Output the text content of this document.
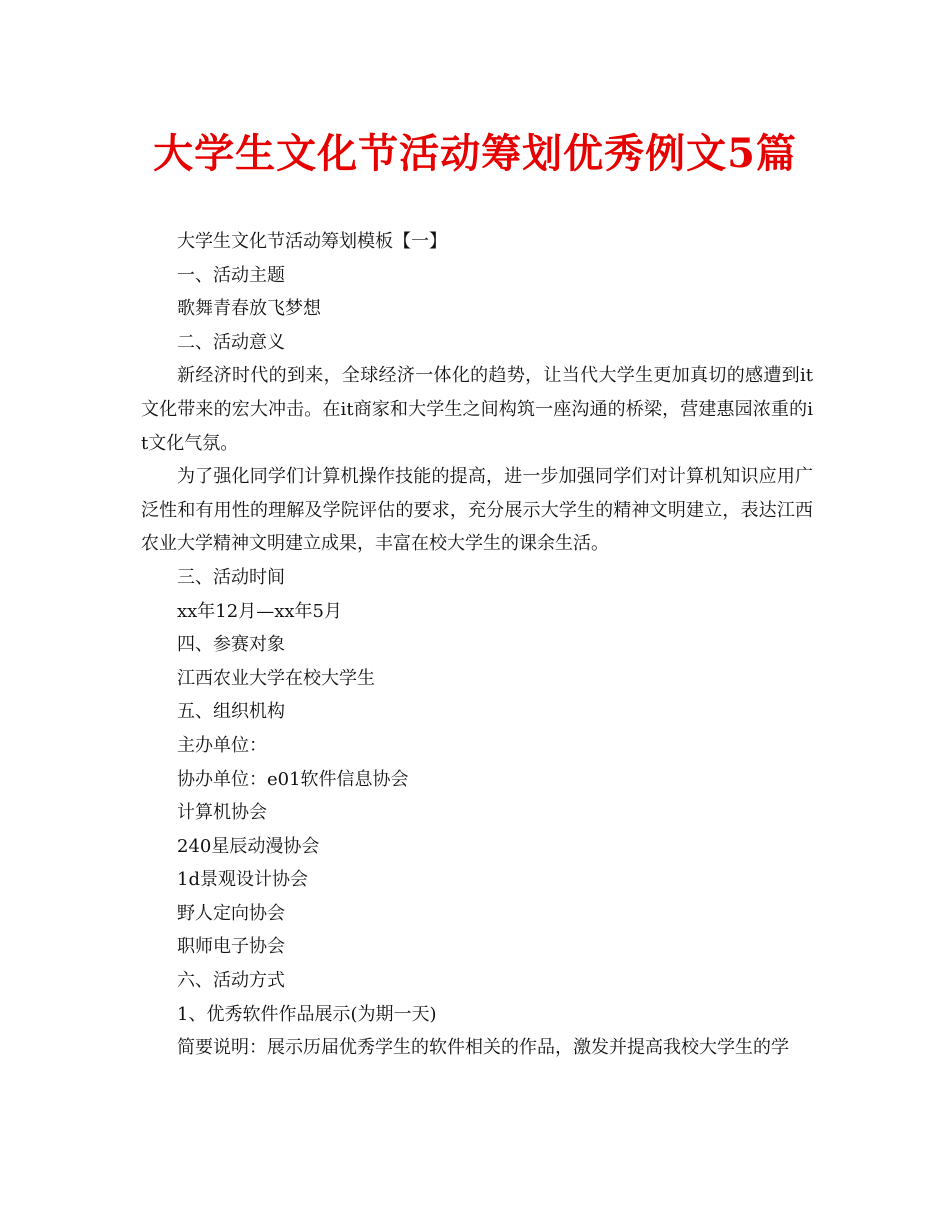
大学生文化节活动筹划优秀例文5篇

大学生文化节活动筹划模板【一】

一、活动主题

歌舞青春放飞梦想

二、活动意义

新经济时代的到来，全球经济一体化的趋势，让当代大学生更加真切的感遭到it文化带来的宏大冲击。在it商家和大学生之间构筑一座沟通的桥梁，营建惠园浓重的it文化气氛。

为了强化同学们计算机操作技能的提高，进一步加强同学们对计算机知识应用广泛性和有用性的理解及学院评估的要求，充分展示大学生的精神文明建立，表达江西农业大学精神文明建立成果，丰富在校大学生的课余生活。

三、活动时间

xx年12月—xx年5月

四、参赛对象

江西农业大学在校大学生

五、组织机构

主办单位：

协办单位：e01软件信息协会

计算机协会

240星辰动漫协会

1d景观设计协会

野人定向协会

职师电子协会

六、活动方式

1、优秀软件作品展示(为期一天)

简要说明：展示历届优秀学生的软件相关的作品，激发并提高我校大学生的学
